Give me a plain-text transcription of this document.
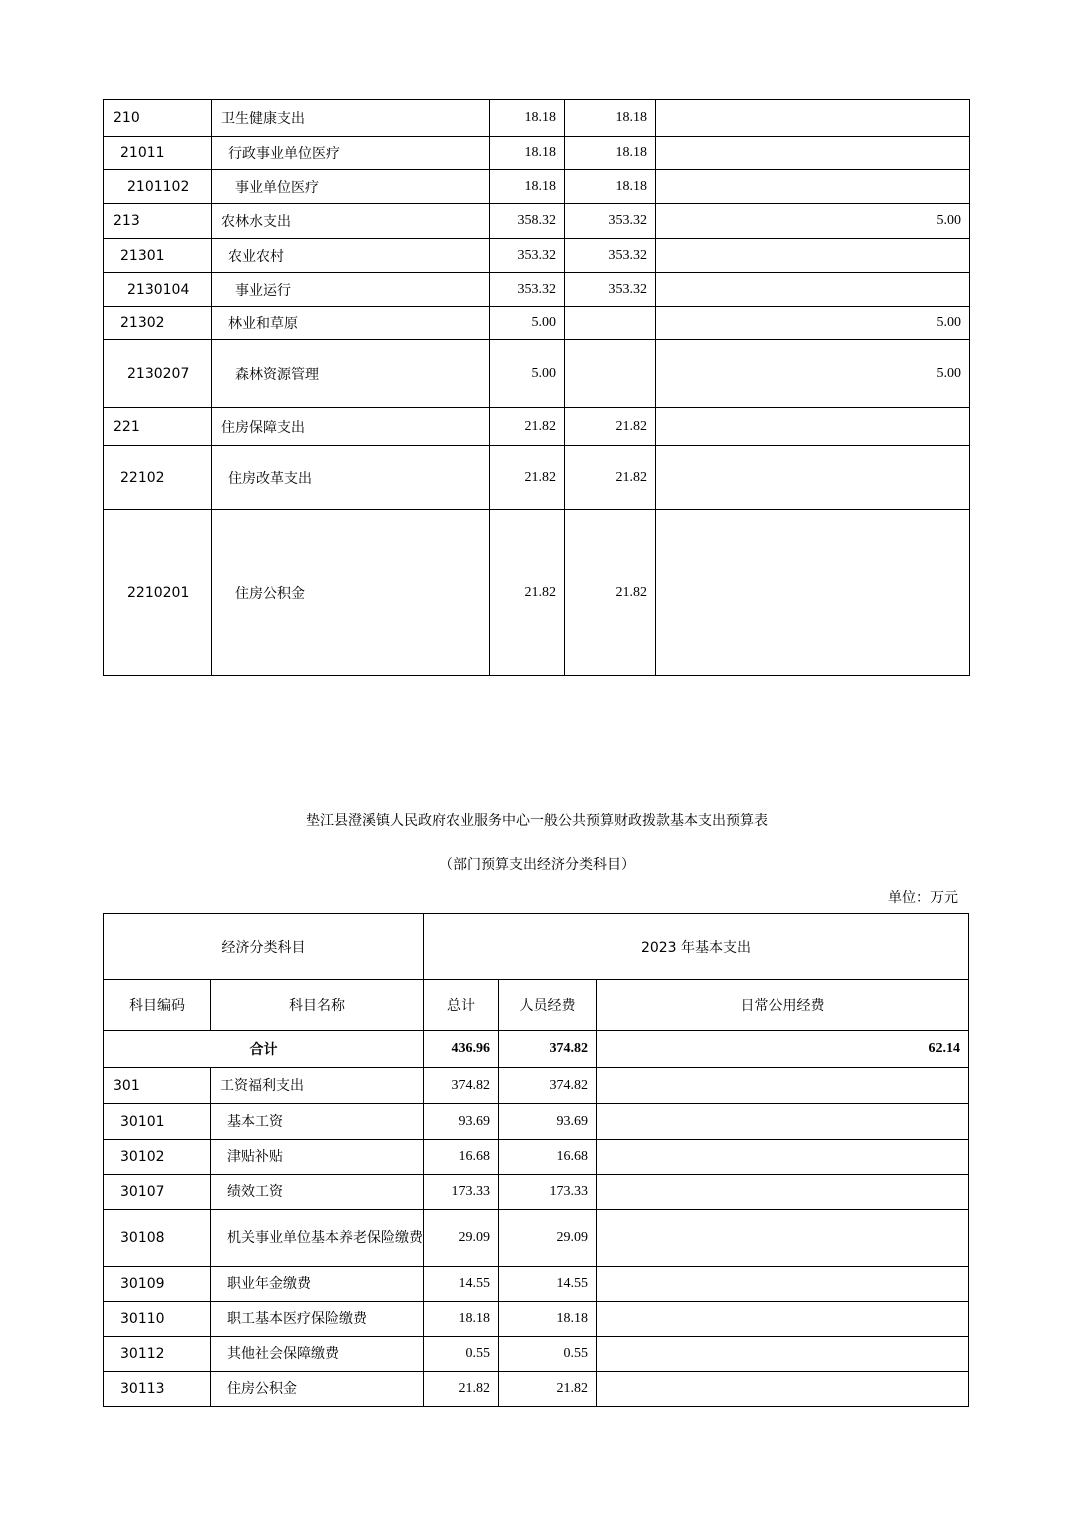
210	卫生健康支出	18.18	18.18	
21011	行政事业单位医疗	18.18	18.18	
2101102	事业单位医疗	18.18	18.18	
213	农林水支出	358.32	353.32	5.00
21301	农业农村	353.32	353.32	
2130104	事业运行	353.32	353.32	
21302	林业和草原	5.00		5.00
2130207	森林资源管理	5.00		5.00
221	住房保障支出	21.82	21.82	
22102	住房改革支出	21.82	21.82	
2210201	住房公积金	21.82	21.82	
垫江县澄溪镇人民政府农业服务中心一般公共预算财政拨款基本支出预算表
（部门预算支出经济分类科目）
单位：万元
经济分类科目		2023 年基本支出		
科目编码	科目名称	总计	人员经费	日常公用经费
合计		436.96	374.82	62.14
301	工资福利支出	374.82	374.82	
30101	基本工资	93.69	93.69	
30102	津贴补贴	16.68	16.68	
30107	绩效工资	173.33	173.33	
30108	机关事业单位基本养老保险缴费	29.09	29.09	
30109	职业年金缴费	14.55	14.55	
30110	职工基本医疗保险缴费	18.18	18.18	
30112	其他社会保障缴费	0.55	0.55	
30113	住房公积金	21.82	21.82	
